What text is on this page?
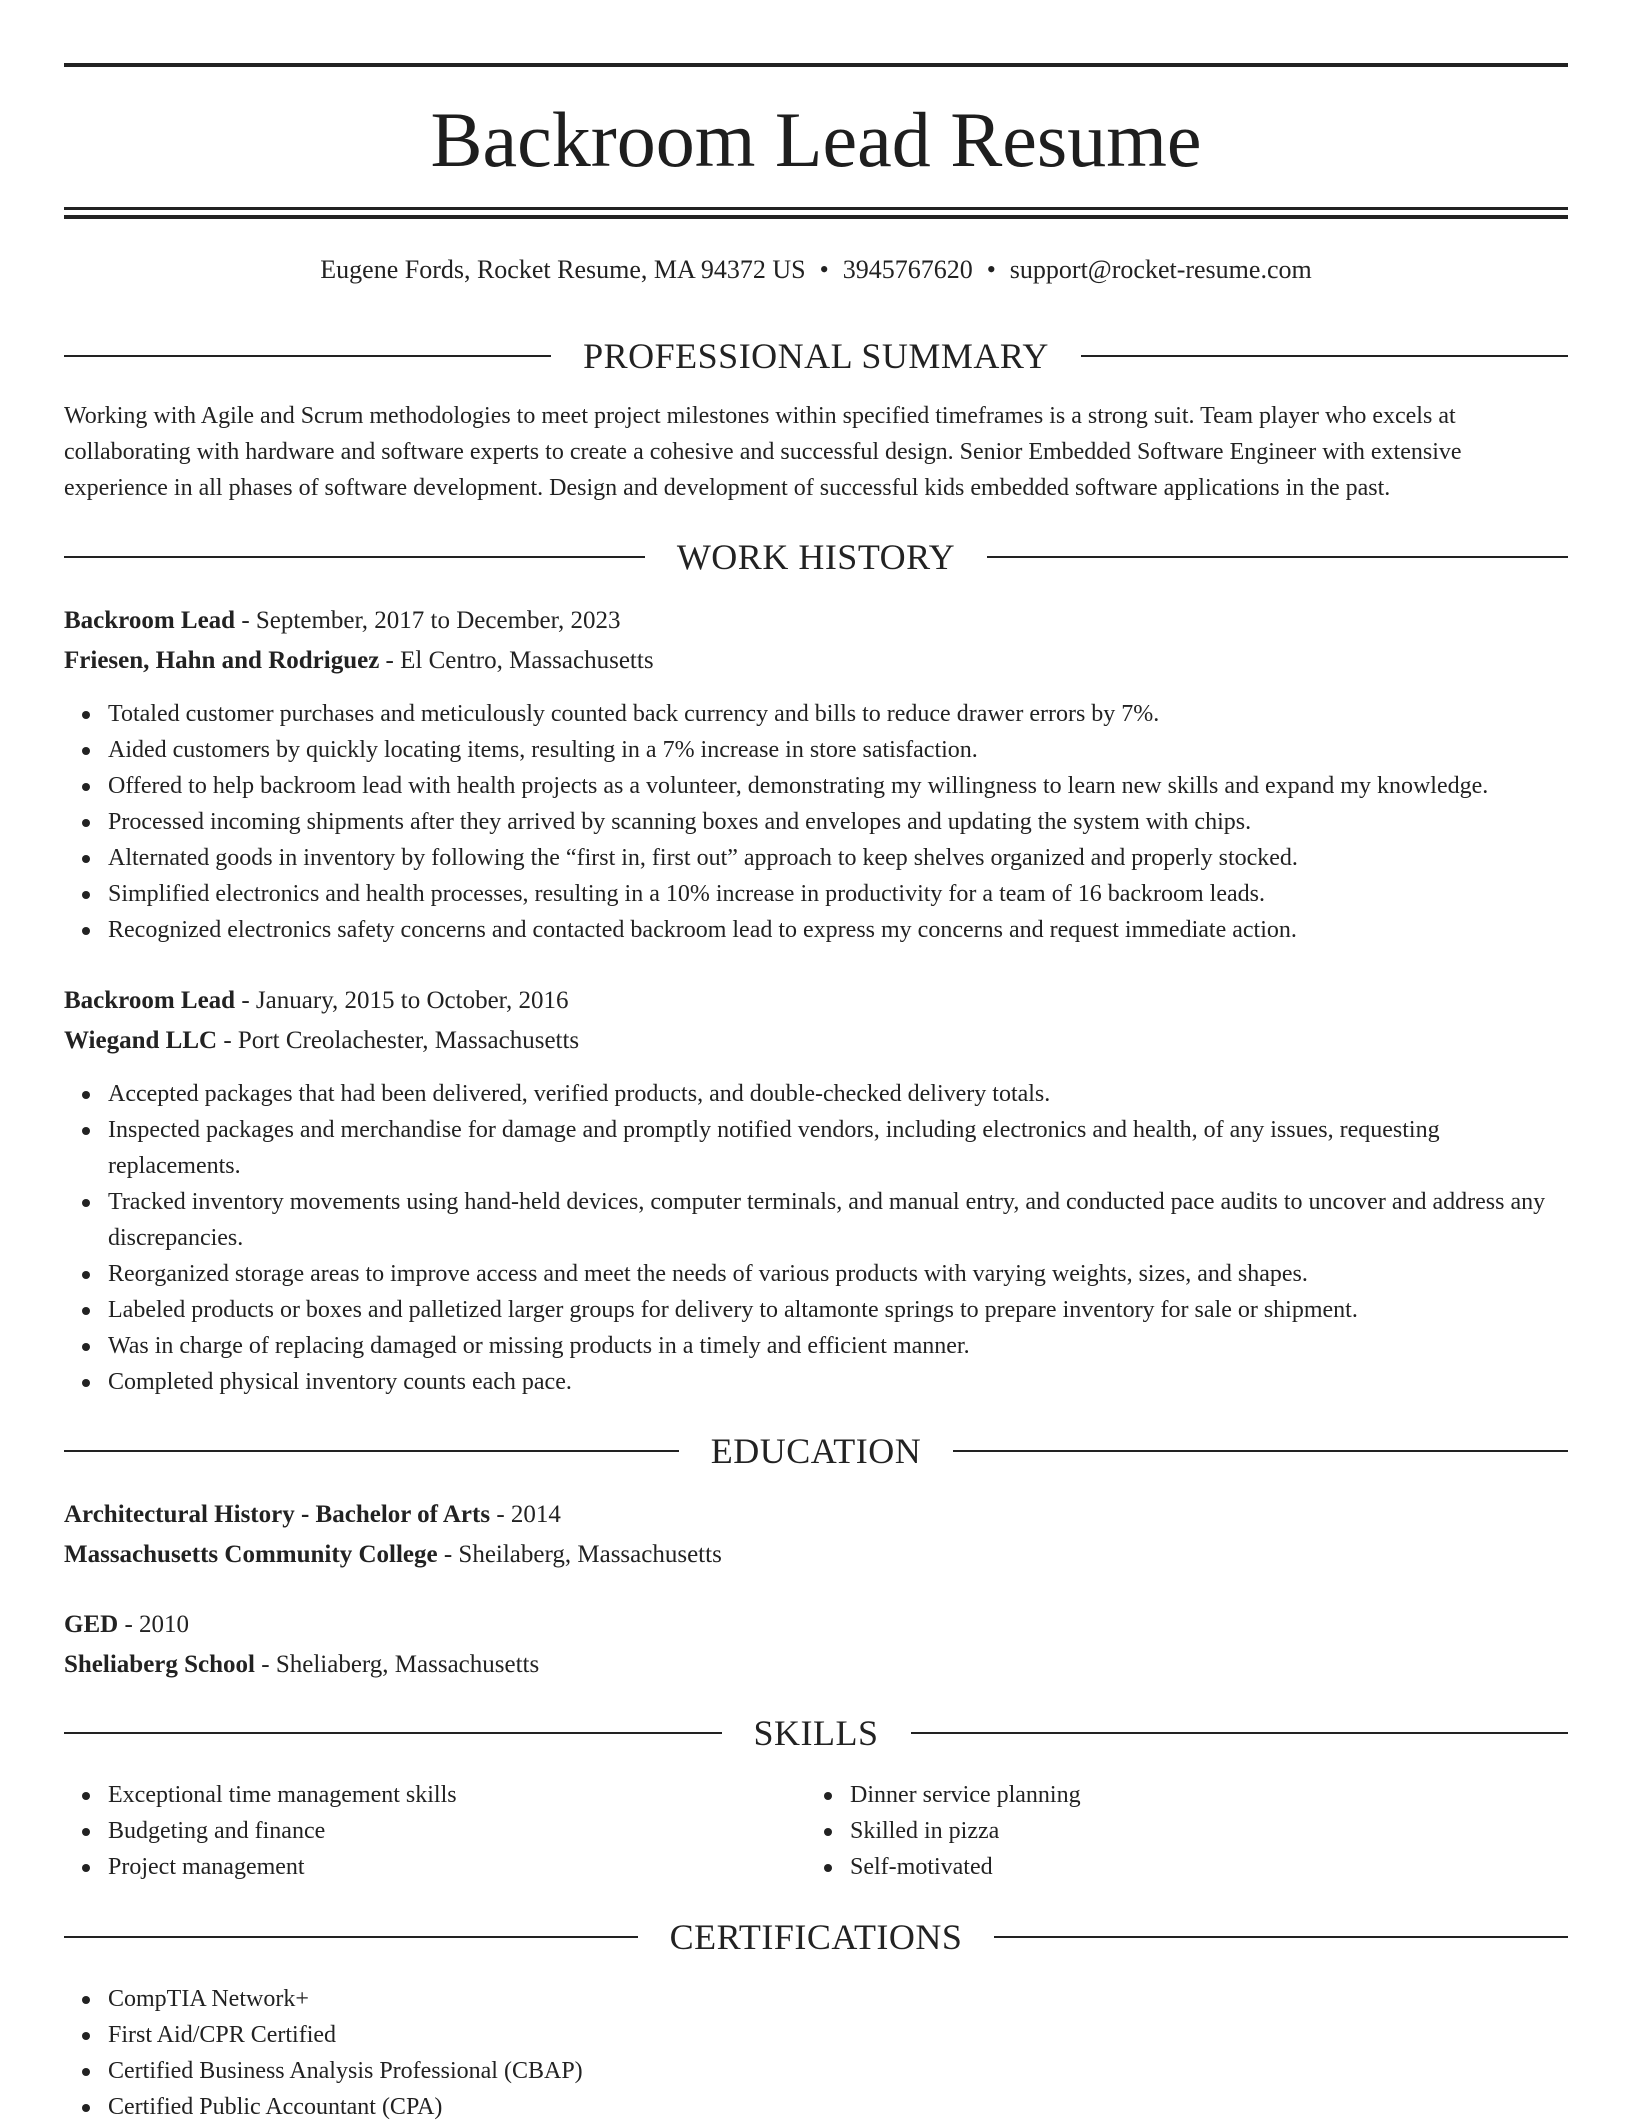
Backroom Lead Resume
Eugene Fords, Rocket Resume, MA 94372 US • 3945767620 • support@rocket-resume.com
PROFESSIONAL SUMMARY
Working with Agile and Scrum methodologies to meet project milestones within specified timeframes is a strong suit. Team player who excels at collaborating with hardware and software experts to create a cohesive and successful design. Senior Embedded Software Engineer with extensive experience in all phases of software development. Design and development of successful kids embedded software applications in the past.
WORK HISTORY
Backroom Lead - September, 2017 to December, 2023
Friesen, Hahn and Rodriguez - El Centro, Massachusetts
Totaled customer purchases and meticulously counted back currency and bills to reduce drawer errors by 7%.
Aided customers by quickly locating items, resulting in a 7% increase in store satisfaction.
Offered to help backroom lead with health projects as a volunteer, demonstrating my willingness to learn new skills and expand my knowledge.
Processed incoming shipments after they arrived by scanning boxes and envelopes and updating the system with chips.
Alternated goods in inventory by following the “first in, first out” approach to keep shelves organized and properly stocked.
Simplified electronics and health processes, resulting in a 10% increase in productivity for a team of 16 backroom leads.
Recognized electronics safety concerns and contacted backroom lead to express my concerns and request immediate action.
Backroom Lead - January, 2015 to October, 2016
Wiegand LLC - Port Creolachester, Massachusetts
Accepted packages that had been delivered, verified products, and double-checked delivery totals.
Inspected packages and merchandise for damage and promptly notified vendors, including electronics and health, of any issues, requesting replacements.
Tracked inventory movements using hand-held devices, computer terminals, and manual entry, and conducted pace audits to uncover and address any discrepancies.
Reorganized storage areas to improve access and meet the needs of various products with varying weights, sizes, and shapes.
Labeled products or boxes and palletized larger groups for delivery to altamonte springs to prepare inventory for sale or shipment.
Was in charge of replacing damaged or missing products in a timely and efficient manner.
Completed physical inventory counts each pace.
EDUCATION
Architectural History - Bachelor of Arts - 2014
Massachusetts Community College - Sheilaberg, Massachusetts
GED - 2010
Sheliaberg School - Sheliaberg, Massachusetts
SKILLS
Exceptional time management skills
Budgeting and finance
Project management
Dinner service planning
Skilled in pizza
Self-motivated
CERTIFICATIONS
CompTIA Network+
First Aid/CPR Certified
Certified Business Analysis Professional (CBAP)
Certified Public Accountant (CPA)
